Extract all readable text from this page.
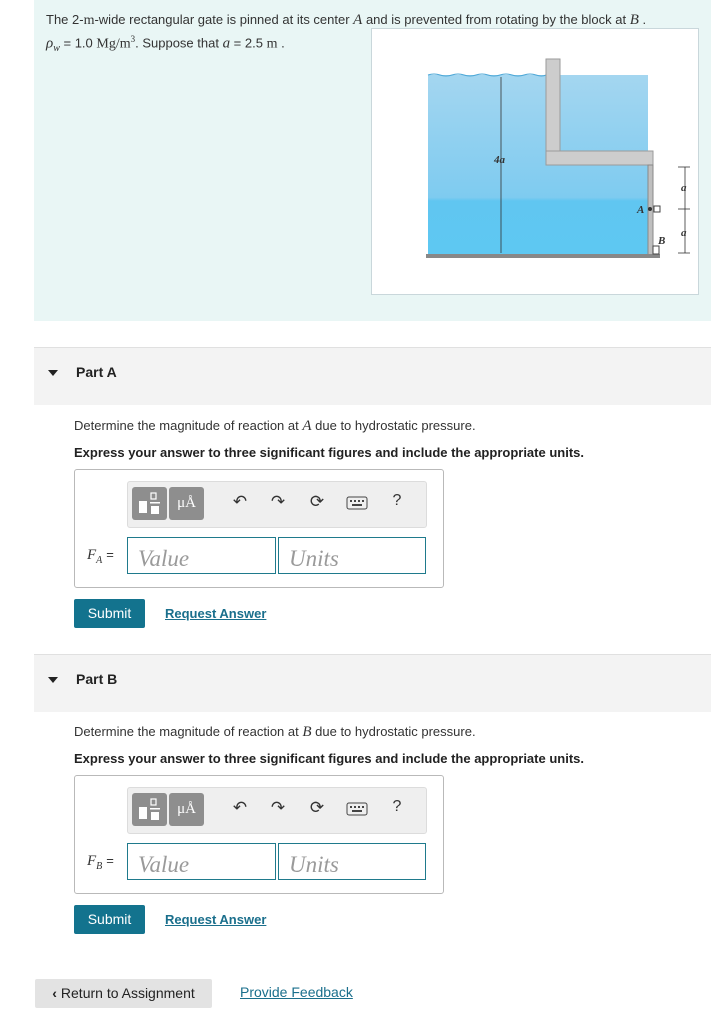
The 2-m-wide rectangular gate is pinned at its center A and is prevented from rotating by the block at B .
$\rho_w = 1.0$ $Mg/m^3$. Suppose that a = 2.5 m .
4a
a
a
A
B
Part A
Determine the magnitude of reaction at A due to hydrostatic pressure.
Express your answer to three significant figures and include the appropriate units.
μÅ	↶	↷	⟳	?
$F_A$ =
Value
Units
Submit	Request Answer
Part B
Determine the magnitude of reaction at B due to hydrostatic pressure.
Express your answer to three significant figures and include the appropriate units.
μÅ	↶	↷	⟳	?
$F_B$ =
Value
Units
Submit	Request Answer
‹ Return to Assignment	Provide Feedback
